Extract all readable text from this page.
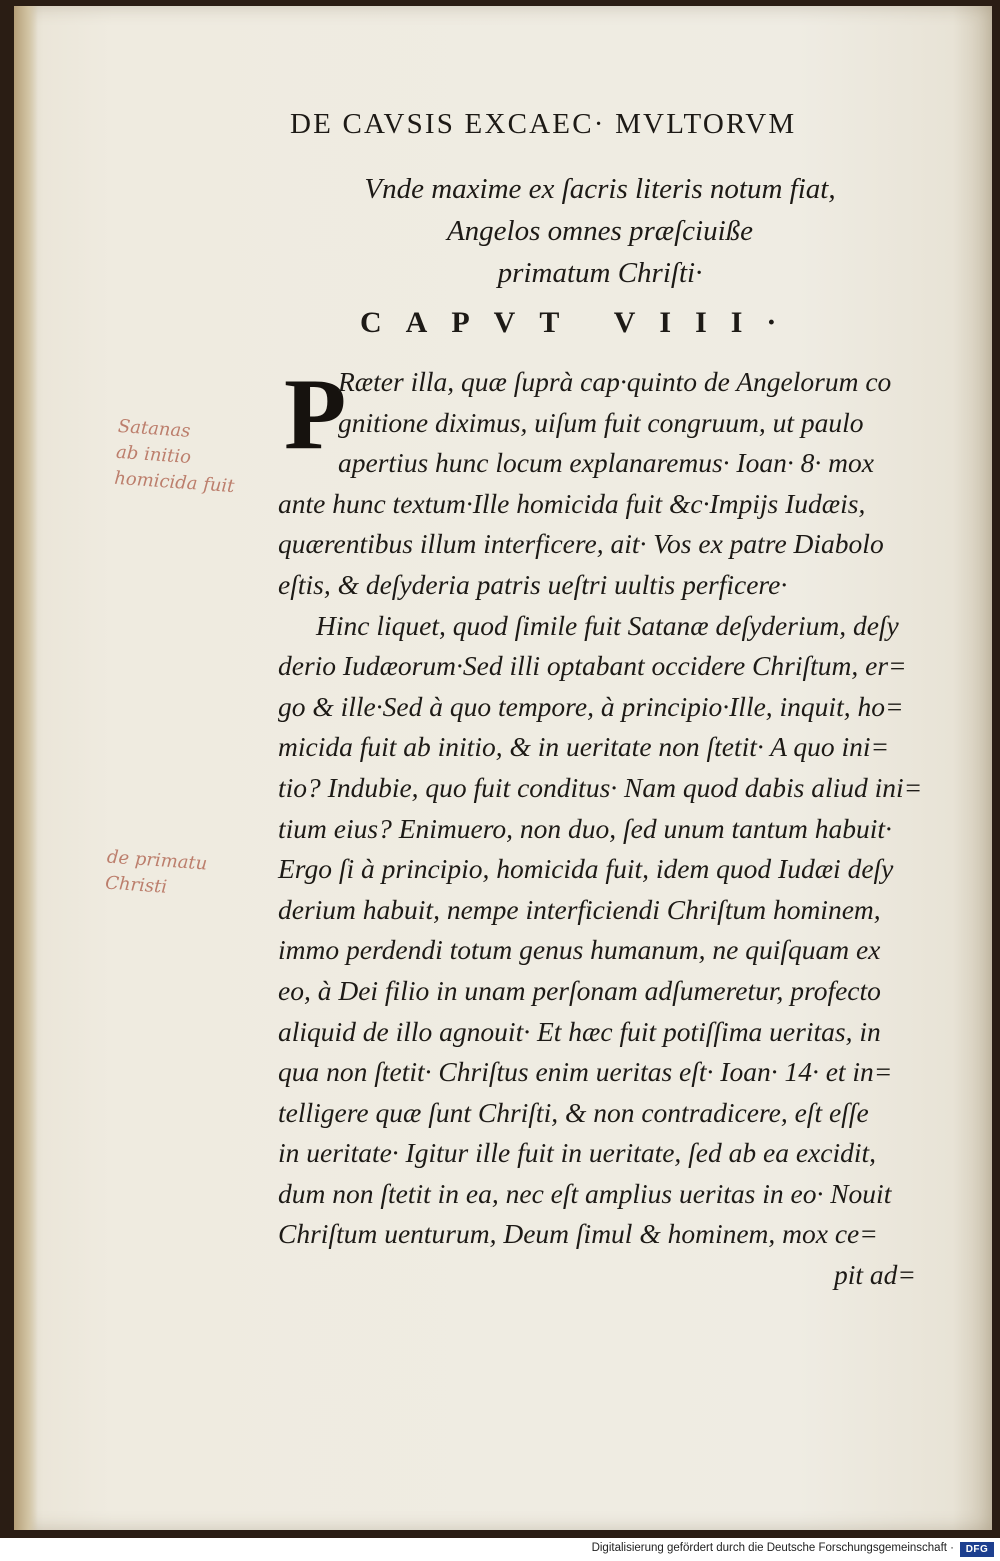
DE CAVSIS EXCAEC· MVLTORVM
Vnde maxime ex ſacris literis notum fiat,
Angelos omnes præſciuiße
primatum Chriſti·
CAPVT VIII·
P
Ræter illa, quæ ſuprà cap·quinto de Angelorum co
gnitione diximus, uiſum fuit congruum, ut paulo
apertius hunc locum explanaremus· Ioan· 8· mox
ante hunc textum·Ille homicida fuit &c·Impijs Iudæis,
quærentibus illum interficere, ait· Vos ex patre Diabolo
eſtis, & deſyderia patris ueſtri uultis perficere·
Hinc liquet, quod ſimile fuit Satanæ deſyderium, deſy
derio Iudæorum·Sed illi optabant occidere Chriſtum, er=
go & ille·Sed à quo tempore, à principio·Ille, inquit, ho=
micida fuit ab initio, & in ueritate non ſtetit· A quo ini=
tio? Indubie, quo fuit conditus· Nam quod dabis aliud ini=
tium eius? Enimuero, non duo, ſed unum tantum habuit·
Ergo ſi à principio, homicida fuit, idem quod Iudæi deſy
derium habuit, nempe interficiendi Chriſtum hominem,
immo perdendi totum genus humanum, ne quiſquam ex
eo, à Dei filio in unam perſonam adſumeretur, profecto
aliquid de illo agnouit· Et hæc fuit potiſſima ueritas, in
qua non ſtetit· Chriſtus enim ueritas eſt· Ioan· 14· et in=
telligere quæ ſunt Chriſti, & non contradicere, eſt eſſe
in ueritate· Igitur ille fuit in ueritate, ſed ab ea excidit,
dum non ſtetit in ea, nec eſt amplius ueritas in eo· Nouit
Chriſtum uenturum, Deum ſimul & hominem, mox ce=
pit ad=
Satanas
ab initio
homicida fuit
de primatu
Christi
Digitalisierung gefördert durch die Deutsche Forschungsgemeinschaft ·	DFG
